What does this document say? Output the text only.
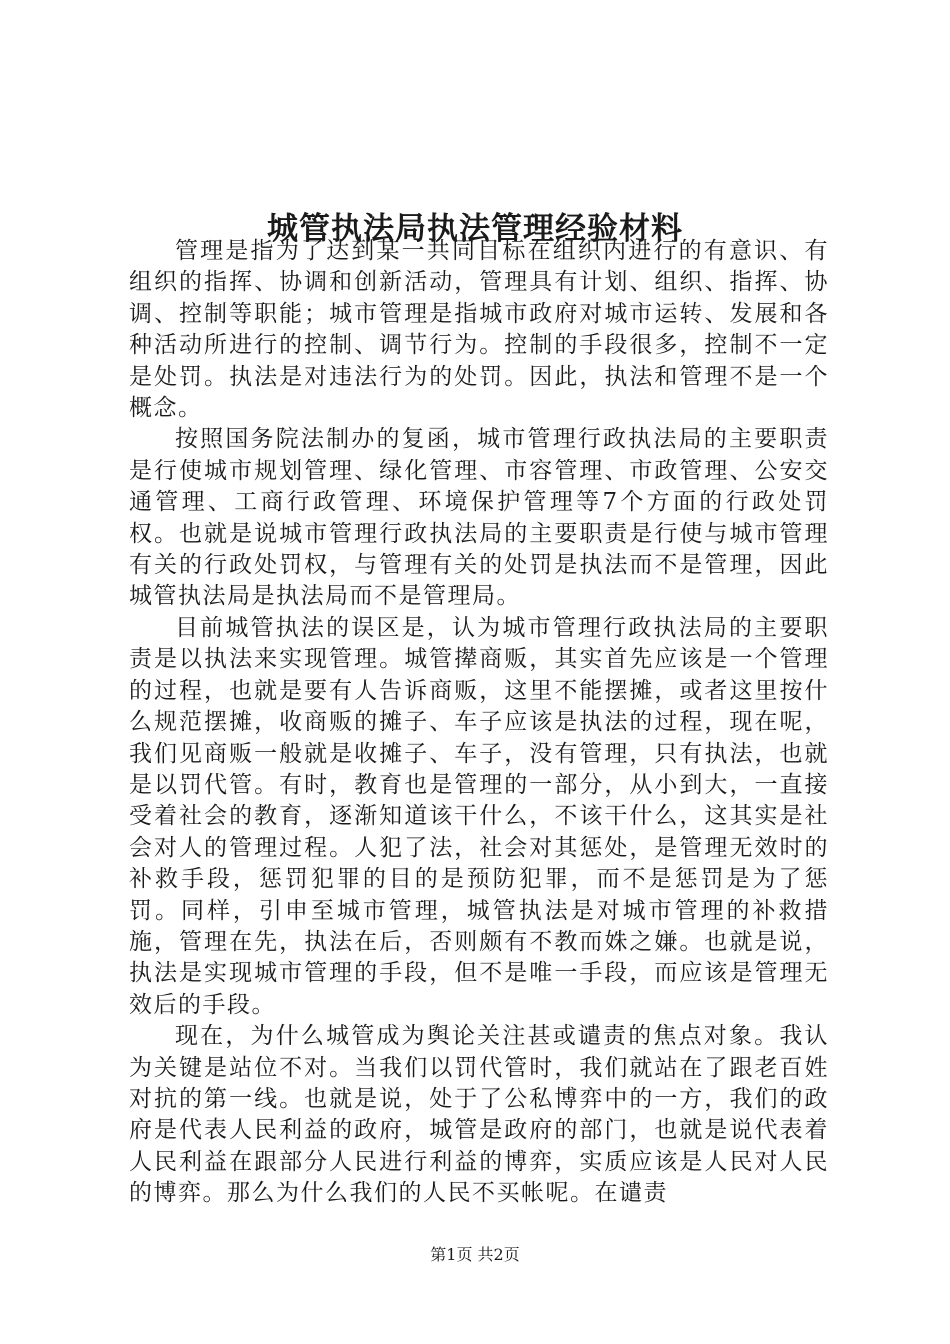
城管执法局执法管理经验材料

管理是指为了达到某一共同目标在组织内进行的有意识、有组织的指挥、协调和创新活动，管理具有计划、组织、指挥、协调、控制等职能；城市管理是指城市政府对城市运转、发展和各种活动所进行的控制、调节行为。控制的手段很多，控制不一定是处罚。执法是对违法行为的处罚。因此，执法和管理不是一个概念。

按照国务院法制办的复函，城市管理行政执法局的主要职责是行使城市规划管理、绿化管理、市容管理、市政管理、公安交通管理、工商行政管理、环境保护管理等7个方面的行政处罚权。也就是说城市管理行政执法局的主要职责是行使与城市管理有关的行政处罚权，与管理有关的处罚是执法而不是管理，因此城管执法局是执法局而不是管理局。

目前城管执法的误区是，认为城市管理行政执法局的主要职责是以执法来实现管理。城管撵商贩，其实首先应该是一个管理的过程，也就是要有人告诉商贩，这里不能摆摊，或者这里按什么规范摆摊，收商贩的摊子、车子应该是执法的过程，现在呢，我们见商贩一般就是收摊子、车子，没有管理，只有执法，也就是以罚代管。有时，教育也是管理的一部分，从小到大，一直接受着社会的教育，逐渐知道该干什么，不该干什么，这其实是社会对人的管理过程。人犯了法，社会对其惩处，是管理无效时的补救手段，惩罚犯罪的目的是预防犯罪，而不是惩罚是为了惩罚。同样，引申至城市管理，城管执法是对城市管理的补救措施，管理在先，执法在后，否则颇有不教而姝之嫌。也就是说，执法是实现城市管理的手段，但不是唯一手段，而应该是管理无效后的手段。

现在，为什么城管成为舆论关注甚或谴责的焦点对象。我认为关键是站位不对。当我们以罚代管时，我们就站在了跟老百姓对抗的第一线。也就是说，处于了公私博弈中的一方，我们的政府是代表人民利益的政府，城管是政府的部门，也就是说代表着人民利益在跟部分人民进行利益的博弈，实质应该是人民对人民的博弈。那么为什么我们的人民不买帐呢。在谴责

第1页 共2页
